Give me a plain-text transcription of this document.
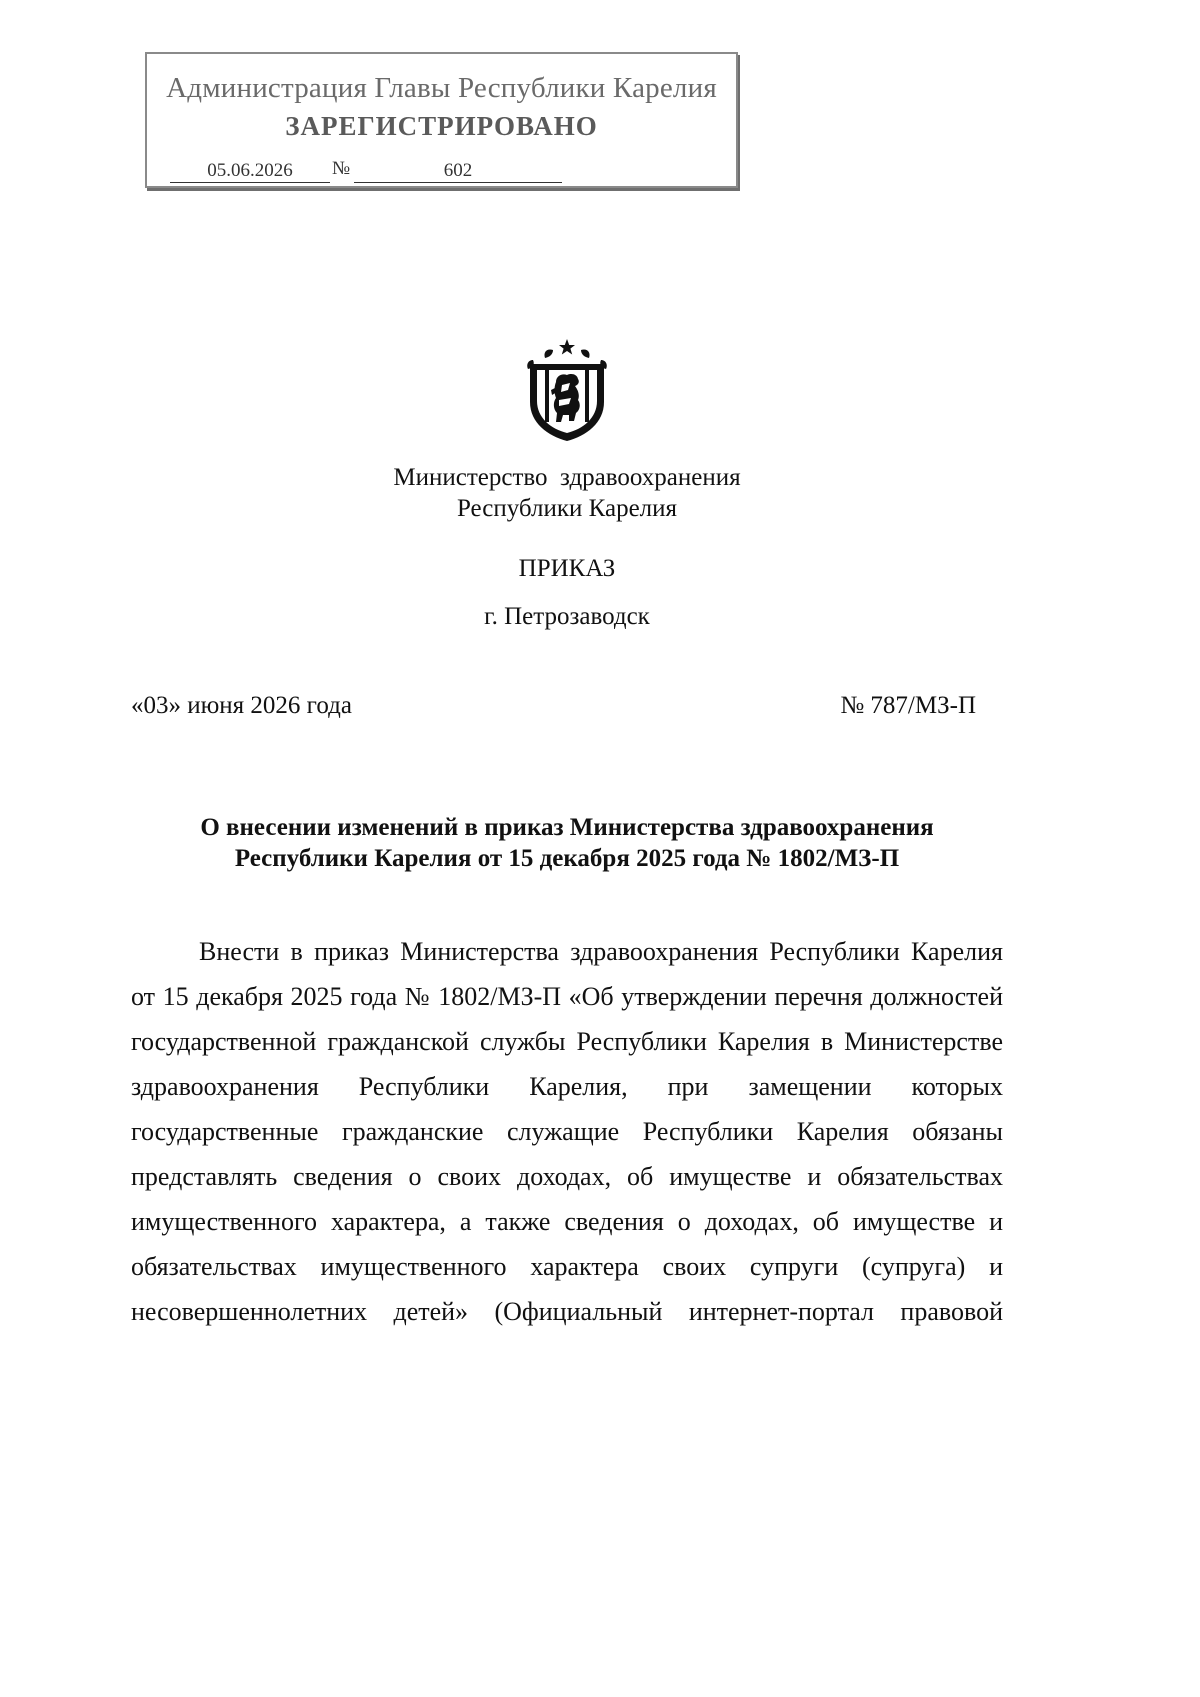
Администрация Главы Республики Карелия
ЗАРЕГИСТРИРОВАНО
05.06.2026	№	602
Министерство  здравоохранения
Республики Карелия
ПРИКАЗ
г. Петрозаводск
«03» июня 2026 года	№ 787/МЗ-П
О внесении изменений в приказ Министерства здравоохранения
Республики Карелия от 15 декабря 2025 года № 1802/МЗ-П

Внести в приказ Министерства здравоохранения Республики Карелия от 15 декабря 2025 года № 1802/МЗ-П «Об утверждении перечня должностей государственной гражданской службы Республики Карелия в Министерстве здравоохранения Республики Карелия, при замещении которых государственные гражданские служащие Республики Карелия обязаны представлять сведения о своих доходах, об имуществе и обязательствах имущественного характера, а также сведения о доходах, об имуществе и обязательствах имущественного характера своих супруги (супруга) и несовершеннолетних детей» (Официальный интернет-портал правовой
